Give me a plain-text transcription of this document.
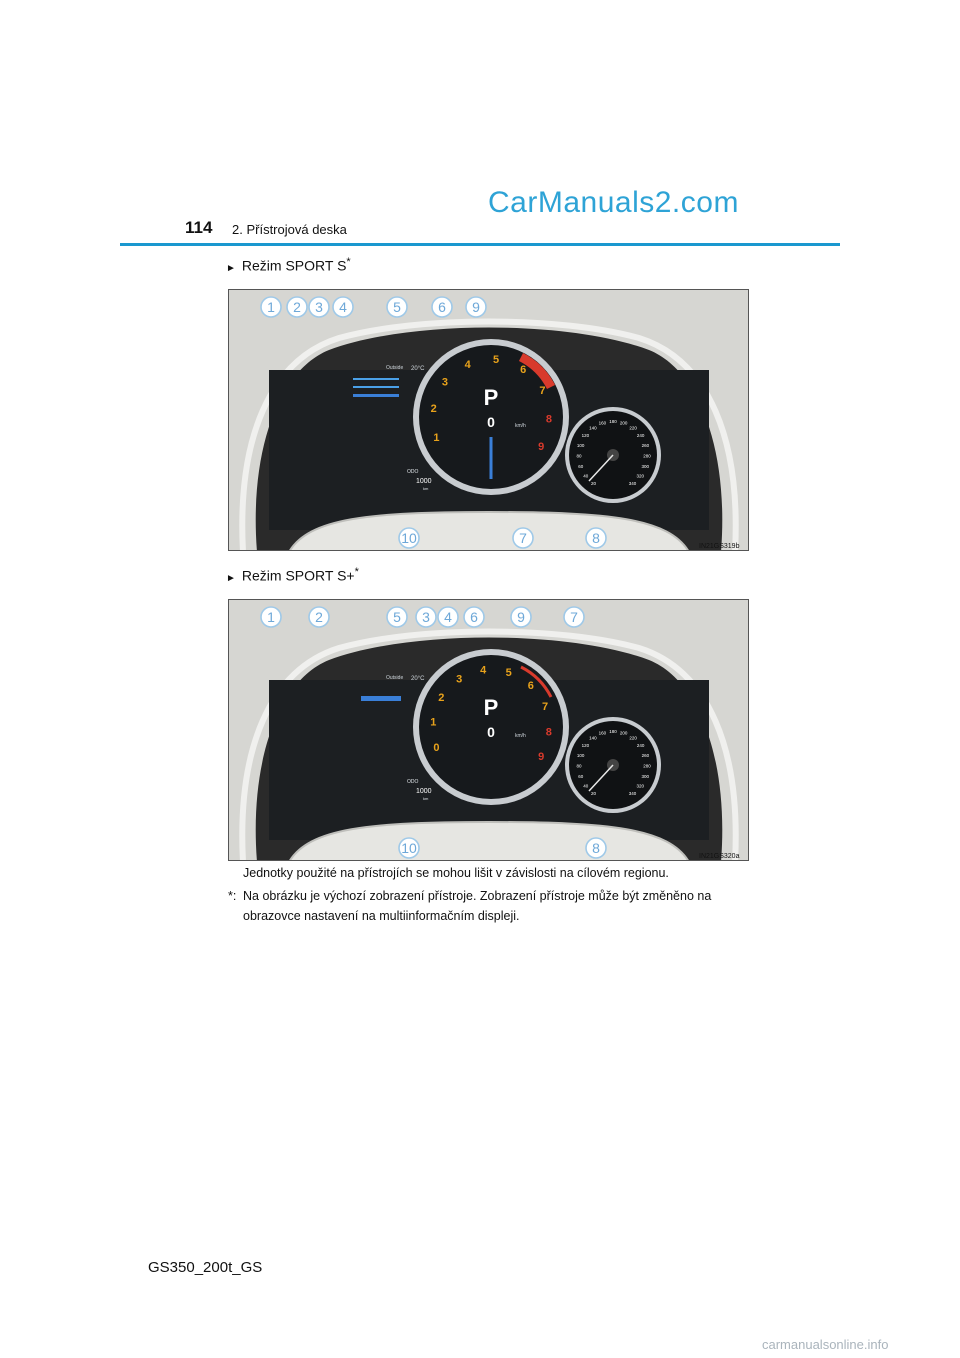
CarManuals2.com
114 2. Přístrojová deska
► Režim SPORT S*
Outside 20°C
ODO
1000
km
1
2
3
4 5
6
7
8
9
P
0	km/h
20
40
60
80
100
120
140
160 180 200
220
240
260
280
300
320
340
1 2 3 4	5	6 9
10	7	8
IN21GS319b
► Režim SPORT S+*
Outside 20°C
ODO
1000
km
0
1
2
3
4 5
6
7
8
9
P
0	km/h
20
40
60
80
100
120
140
160 180 200
220
240
260
280
300
320
340
1	2	5 3 4 6	9	7
10	8
IN21GS320a
Jednotky použité na přístrojích se mohou lišit v závislosti na cílovém regionu.
*: Na obrázku je výchozí zobrazení přístroje. Zobrazení přístroje může být změněno na obrazovce nastavení na multiinformačním displeji.
GS350_200t_GS
carmanualsonline.info
